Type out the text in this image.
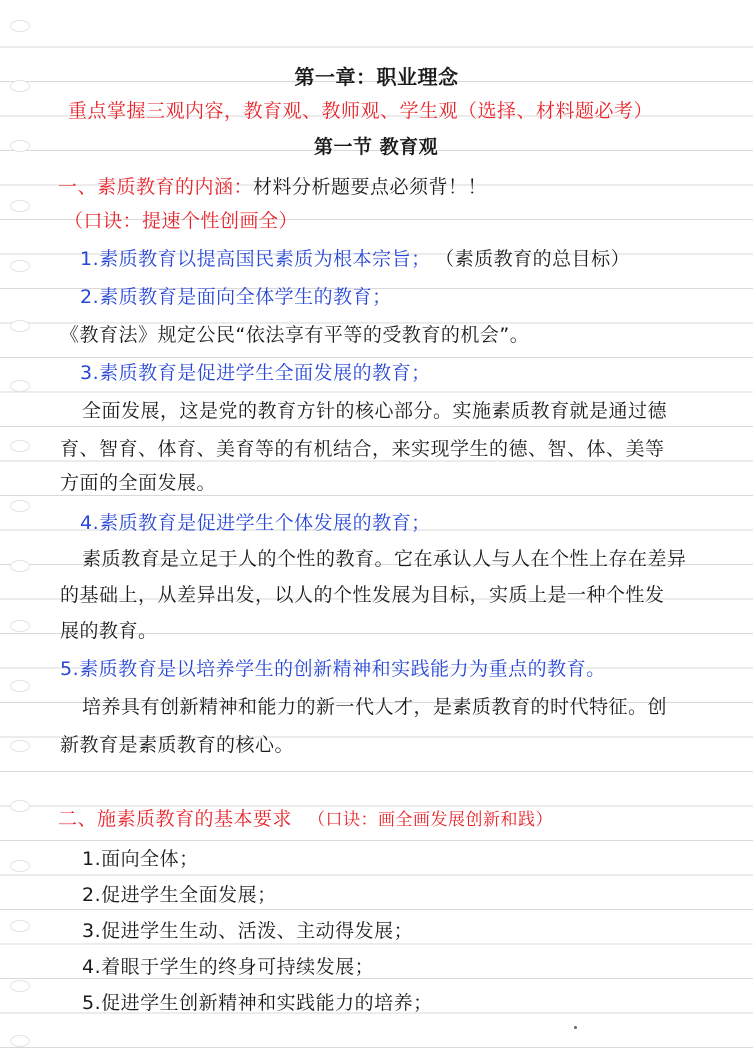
第一章：职业理念
重点掌握三观内容，教育观、教师观、学生观（选择、材料题必考）
第一节 教育观
一、素质教育的内涵：材料分析题要点必须背！！
（口诀：提速个性创画全）
1.素质教育以提高国民素质为根本宗旨； （素质教育的总目标）
2.素质教育是面向全体学生的教育；
《教育法》规定公民“依法享有平等的受教育的机会”。
3.素质教育是促进学生全面发展的教育；
全面发展，这是党的教育方针的核心部分。实施素质教育就是通过德
育、智育、体育、美育等的有机结合，来实现学生的德、智、体、美等
方面的全面发展。
4.素质教育是促进学生个体发展的教育；
素质教育是立足于人的个性的教育。它在承认人与人在个性上存在差异
的基础上，从差异出发，以人的个性发展为目标，实质上是一种个性发
展的教育。
5.素质教育是以培养学生的创新精神和实践能力为重点的教育。
培养具有创新精神和能力的新一代人才，是素质教育的时代特征。创
新教育是素质教育的核心。
二、施素质教育的基本要求 （口诀：画全画发展创新和践）
1.面向全体；
2.促进学生全面发展；
3.促进学生生动、活泼、主动得发展；
4.着眼于学生的终身可持续发展；
5.促进学生创新精神和实践能力的培养；
